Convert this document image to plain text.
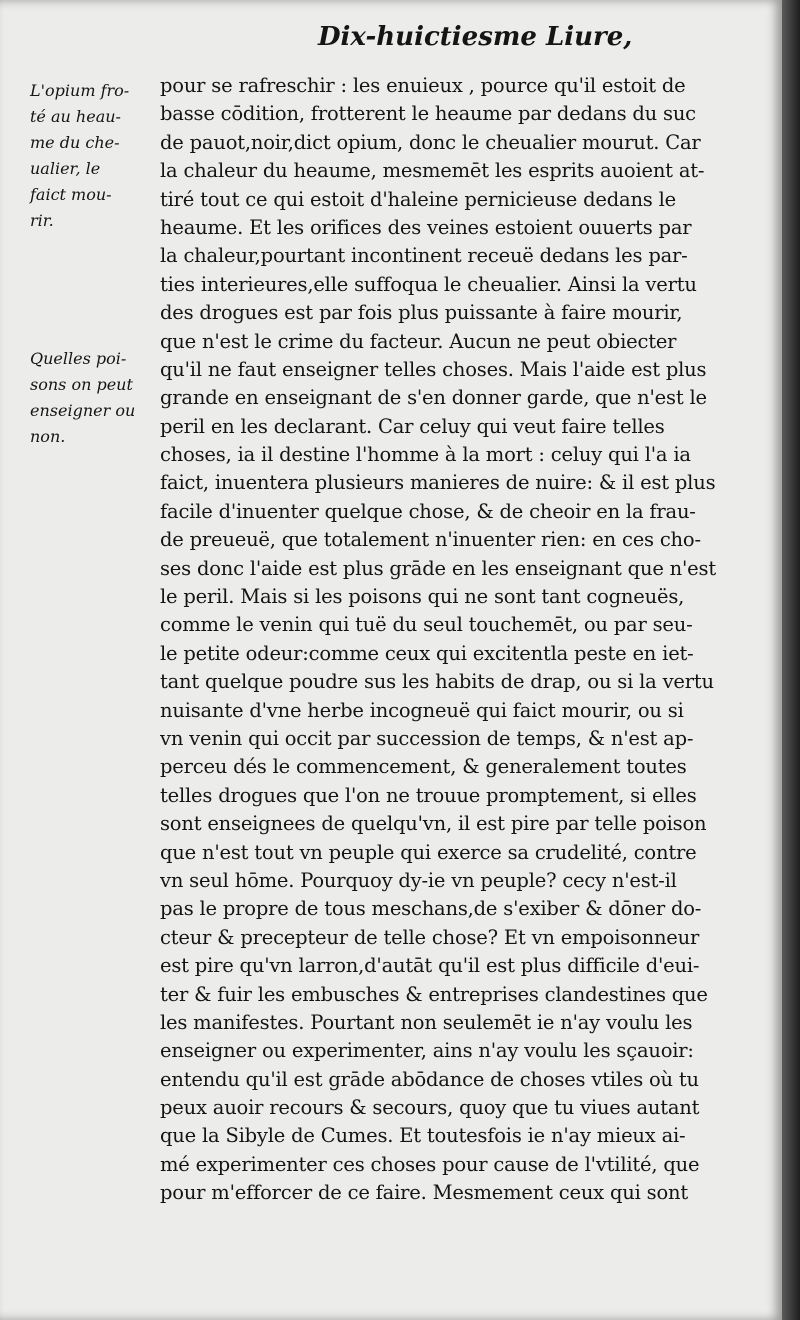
Dix-huictiesme Liure,

L'opium fro-

té au heau-

me du che-

ualier, le

faict mou-

rir.

Quelles poi-

sons on peut

enseigner ou

non.

pour se rafreschir : les enuieux , pource qu'il estoit de
basse cōdition, frotterent le heaume par dedans du suc
de pauot,noir,dict opium, donc le cheualier mourut. Car
la chaleur du heaume, mesmemēt les esprits auoient at-
tiré tout ce qui estoit d'haleine pernicieuse dedans le
heaume. Et les orifices des veines estoient ouuerts par
la chaleur,pourtant incontinent receuë dedans les par-
ties interieures,elle suffoqua le cheualier. Ainsi la vertu
des drogues est par fois plus puissante à faire mourir,
que n'est le crime du facteur. Aucun ne peut obiecter
qu'il ne faut enseigner telles choses. Mais l'aide est plus
grande en enseignant de s'en donner garde, que n'est le
peril en les declarant. Car celuy qui veut faire telles
choses, ia il destine l'homme à la mort : celuy qui l'a ia
faict, inuentera plusieurs manieres de nuire: & il est plus
facile d'inuenter quelque chose, & de cheoir en la frau-
de preueuë, que totalement n'inuenter rien: en ces cho-
ses donc l'aide est plus grāde en les enseignant que n'est
le peril. Mais si les poisons qui ne sont tant cogneuës,
comme le venin qui tuë du seul touchemēt, ou par seu-
le petite odeur:comme ceux qui excitentla peste en iet-
tant quelque poudre sus les habits de drap, ou si la vertu
nuisante d'vne herbe incogneuë qui faict mourir, ou si
vn venin qui occit par succession de temps, & n'est ap-
perceu dés le commencement, & generalement toutes
telles drogues que l'on ne trouue promptement, si elles
sont enseignees de quelqu'vn, il est pire par telle poison
que n'est tout vn peuple qui exerce sa crudelité, contre
vn seul hōme. Pourquoy dy-ie vn peuple? cecy n'est-il
pas le propre de tous meschans,de s'exiber & dōner do-
cteur & precepteur de telle chose? Et vn empoisonneur
est pire qu'vn larron,d'autāt qu'il est plus difficile d'eui-
ter & fuir les embusches & entreprises clandestines que
les manifestes. Pourtant non seulemēt ie n'ay voulu les
enseigner ou experimenter, ains n'ay voulu les sçauoir:
entendu qu'il est grāde abōdance de choses vtiles où tu
peux auoir recours & secours, quoy que tu viues autant
que la Sibyle de Cumes. Et toutesfois ie n'ay mieux ai-
mé experimenter ces choses pour cause de l'vtilité, que
pour m'efforcer de ce faire. Mesmement ceux qui sont
